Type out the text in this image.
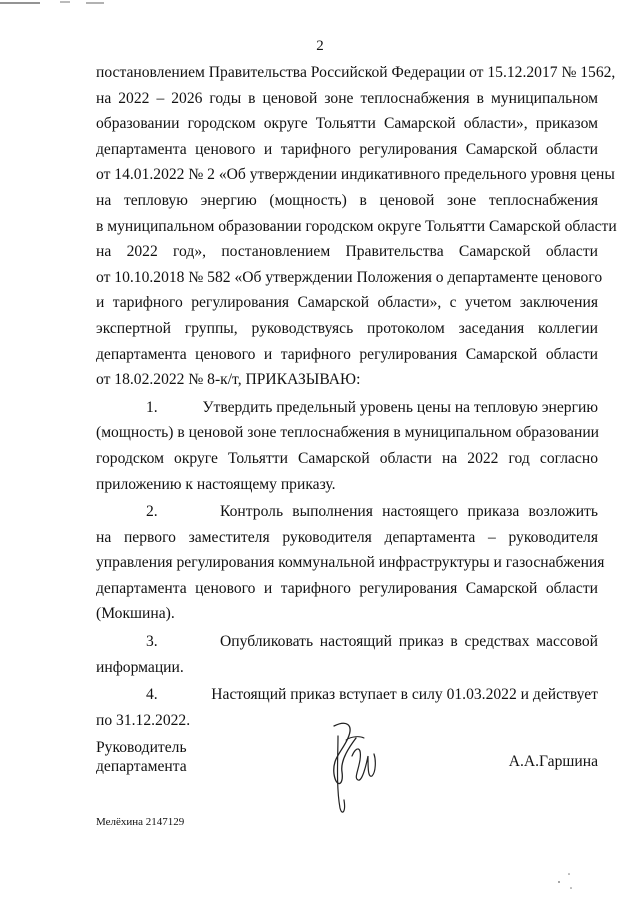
2
постановлением Правительства Российской Федерации от 15.12.2017 № 1562,
на 2022 – 2026 годы в ценовой зоне теплоснабжения в муниципальном
образовании городском округе Тольятти Самарской области», приказом
департамента ценового и тарифного регулирования Самарской области
от 14.01.2022 № 2 «Об утверждении индикативного предельного уровня цены
на тепловую энергию (мощность) в ценовой зоне теплоснабжения
в муниципальном образовании городском округе Тольятти Самарской области
на 2022 год», постановлением Правительства Самарской области
от 10.10.2018 № 582 «Об утверждении Положения о департаменте ценового
и тарифного регулирования Самарской области», с учетом заключения
экспертной группы, руководствуясь протоколом заседания коллегии
департамента ценового и тарифного регулирования Самарской области
от 18.02.2022 № 8-к/т, ПРИКАЗЫВАЮ:
1.	Утвердить предельный уровень цены на тепловую энергию
(мощность) в ценовой зоне теплоснабжения в муниципальном образовании
городском округе Тольятти Самарской области на 2022 год согласно
приложению к настоящему приказу.
2.	Контроль выполнения настоящего приказа возложить
на первого заместителя руководителя департамента – руководителя
управления регулирования коммунальной инфраструктуры и газоснабжения
департамента ценового и тарифного регулирования Самарской области
(Мокшина).
3.	Опубликовать настоящий приказ в средствах массовой
информации.
4.	Настоящий приказ вступает в силу 01.03.2022 и действует
по 31.12.2022.
Руководитель
департамента	А.А.Гаршина
Мелёхина 2147129
